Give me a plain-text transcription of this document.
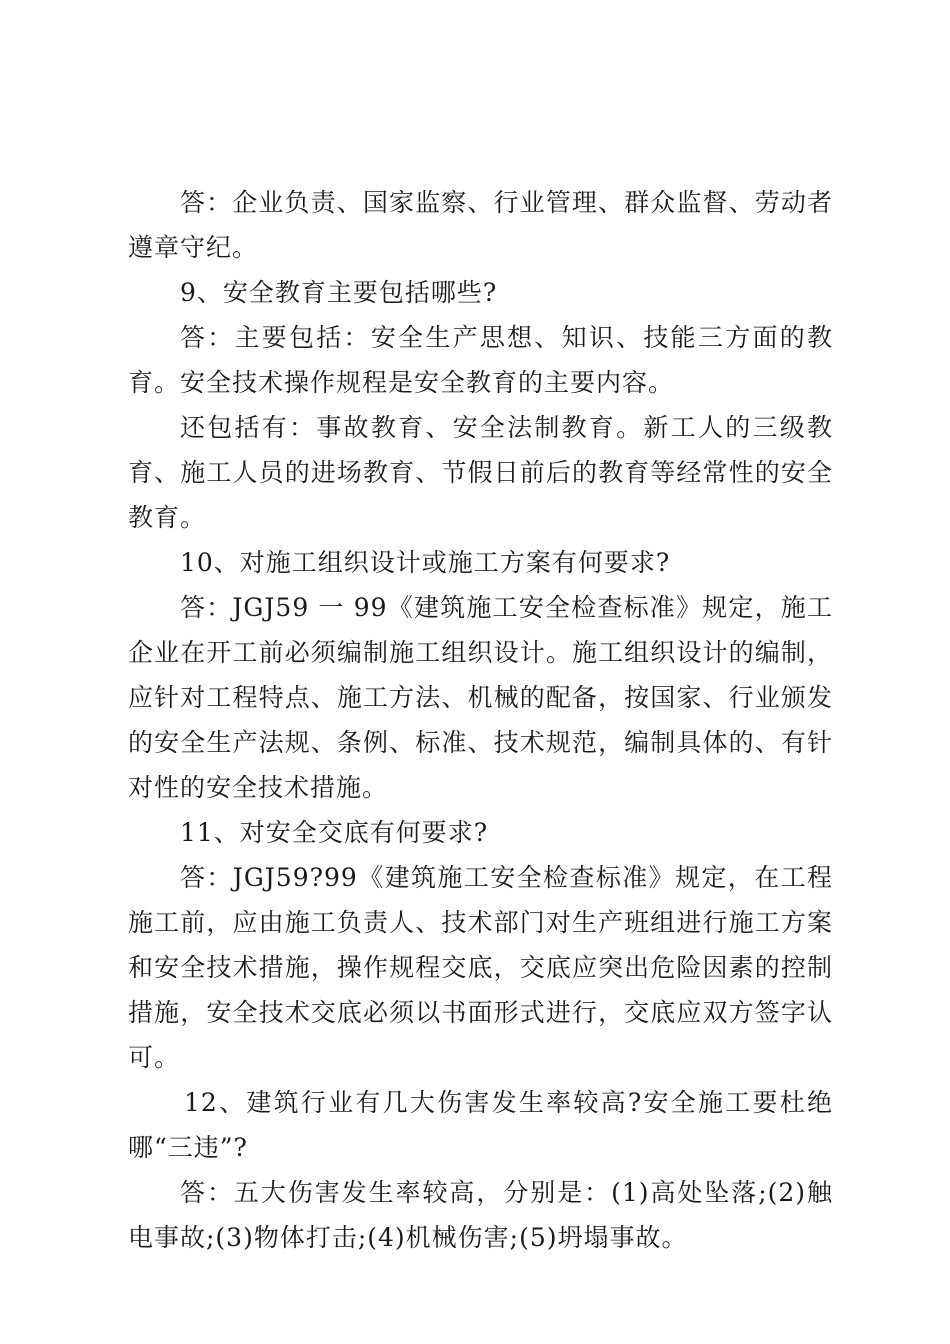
答：企业负责、国家监察、行业管理、群众监督、劳动者遵章守纪。

9、安全教育主要包括哪些?

答：主要包括：安全生产思想、知识、技能三方面的教育。安全技术操作规程是安全教育的主要内容。

还包括有：事故教育、安全法制教育。新工人的三级教育、施工人员的进场教育、节假日前后的教育等经常性的安全教育。

10、对施工组织设计或施工方案有何要求?

答：JGJ59 一 99《建筑施工安全检查标准》规定，施工企业在开工前必须编制施工组织设计。施工组织设计的编制，应针对工程特点、施工方法、机械的配备，按国家、行业颁发的安全生产法规、条例、标准、技术规范，编制具体的、有针对性的安全技术措施。

11、对安全交底有何要求?

答：JGJ59?99《建筑施工安全检查标准》规定，在工程施工前，应由施工负责人、技术部门对生产班组进行施工方案和安全技术措施，操作规程交底，交底应突出危险因素的控制措施，安全技术交底必须以书面形式进行，交底应双方签字认可。

12、建筑行业有几大伤害发生率较高?安全施工要杜绝哪“三违”?

答：五大伤害发生率较高，分别是：(1)高处坠落;(2)触电事故;(3)物体打击;(4)机械伤害;(5)坍塌事故。
